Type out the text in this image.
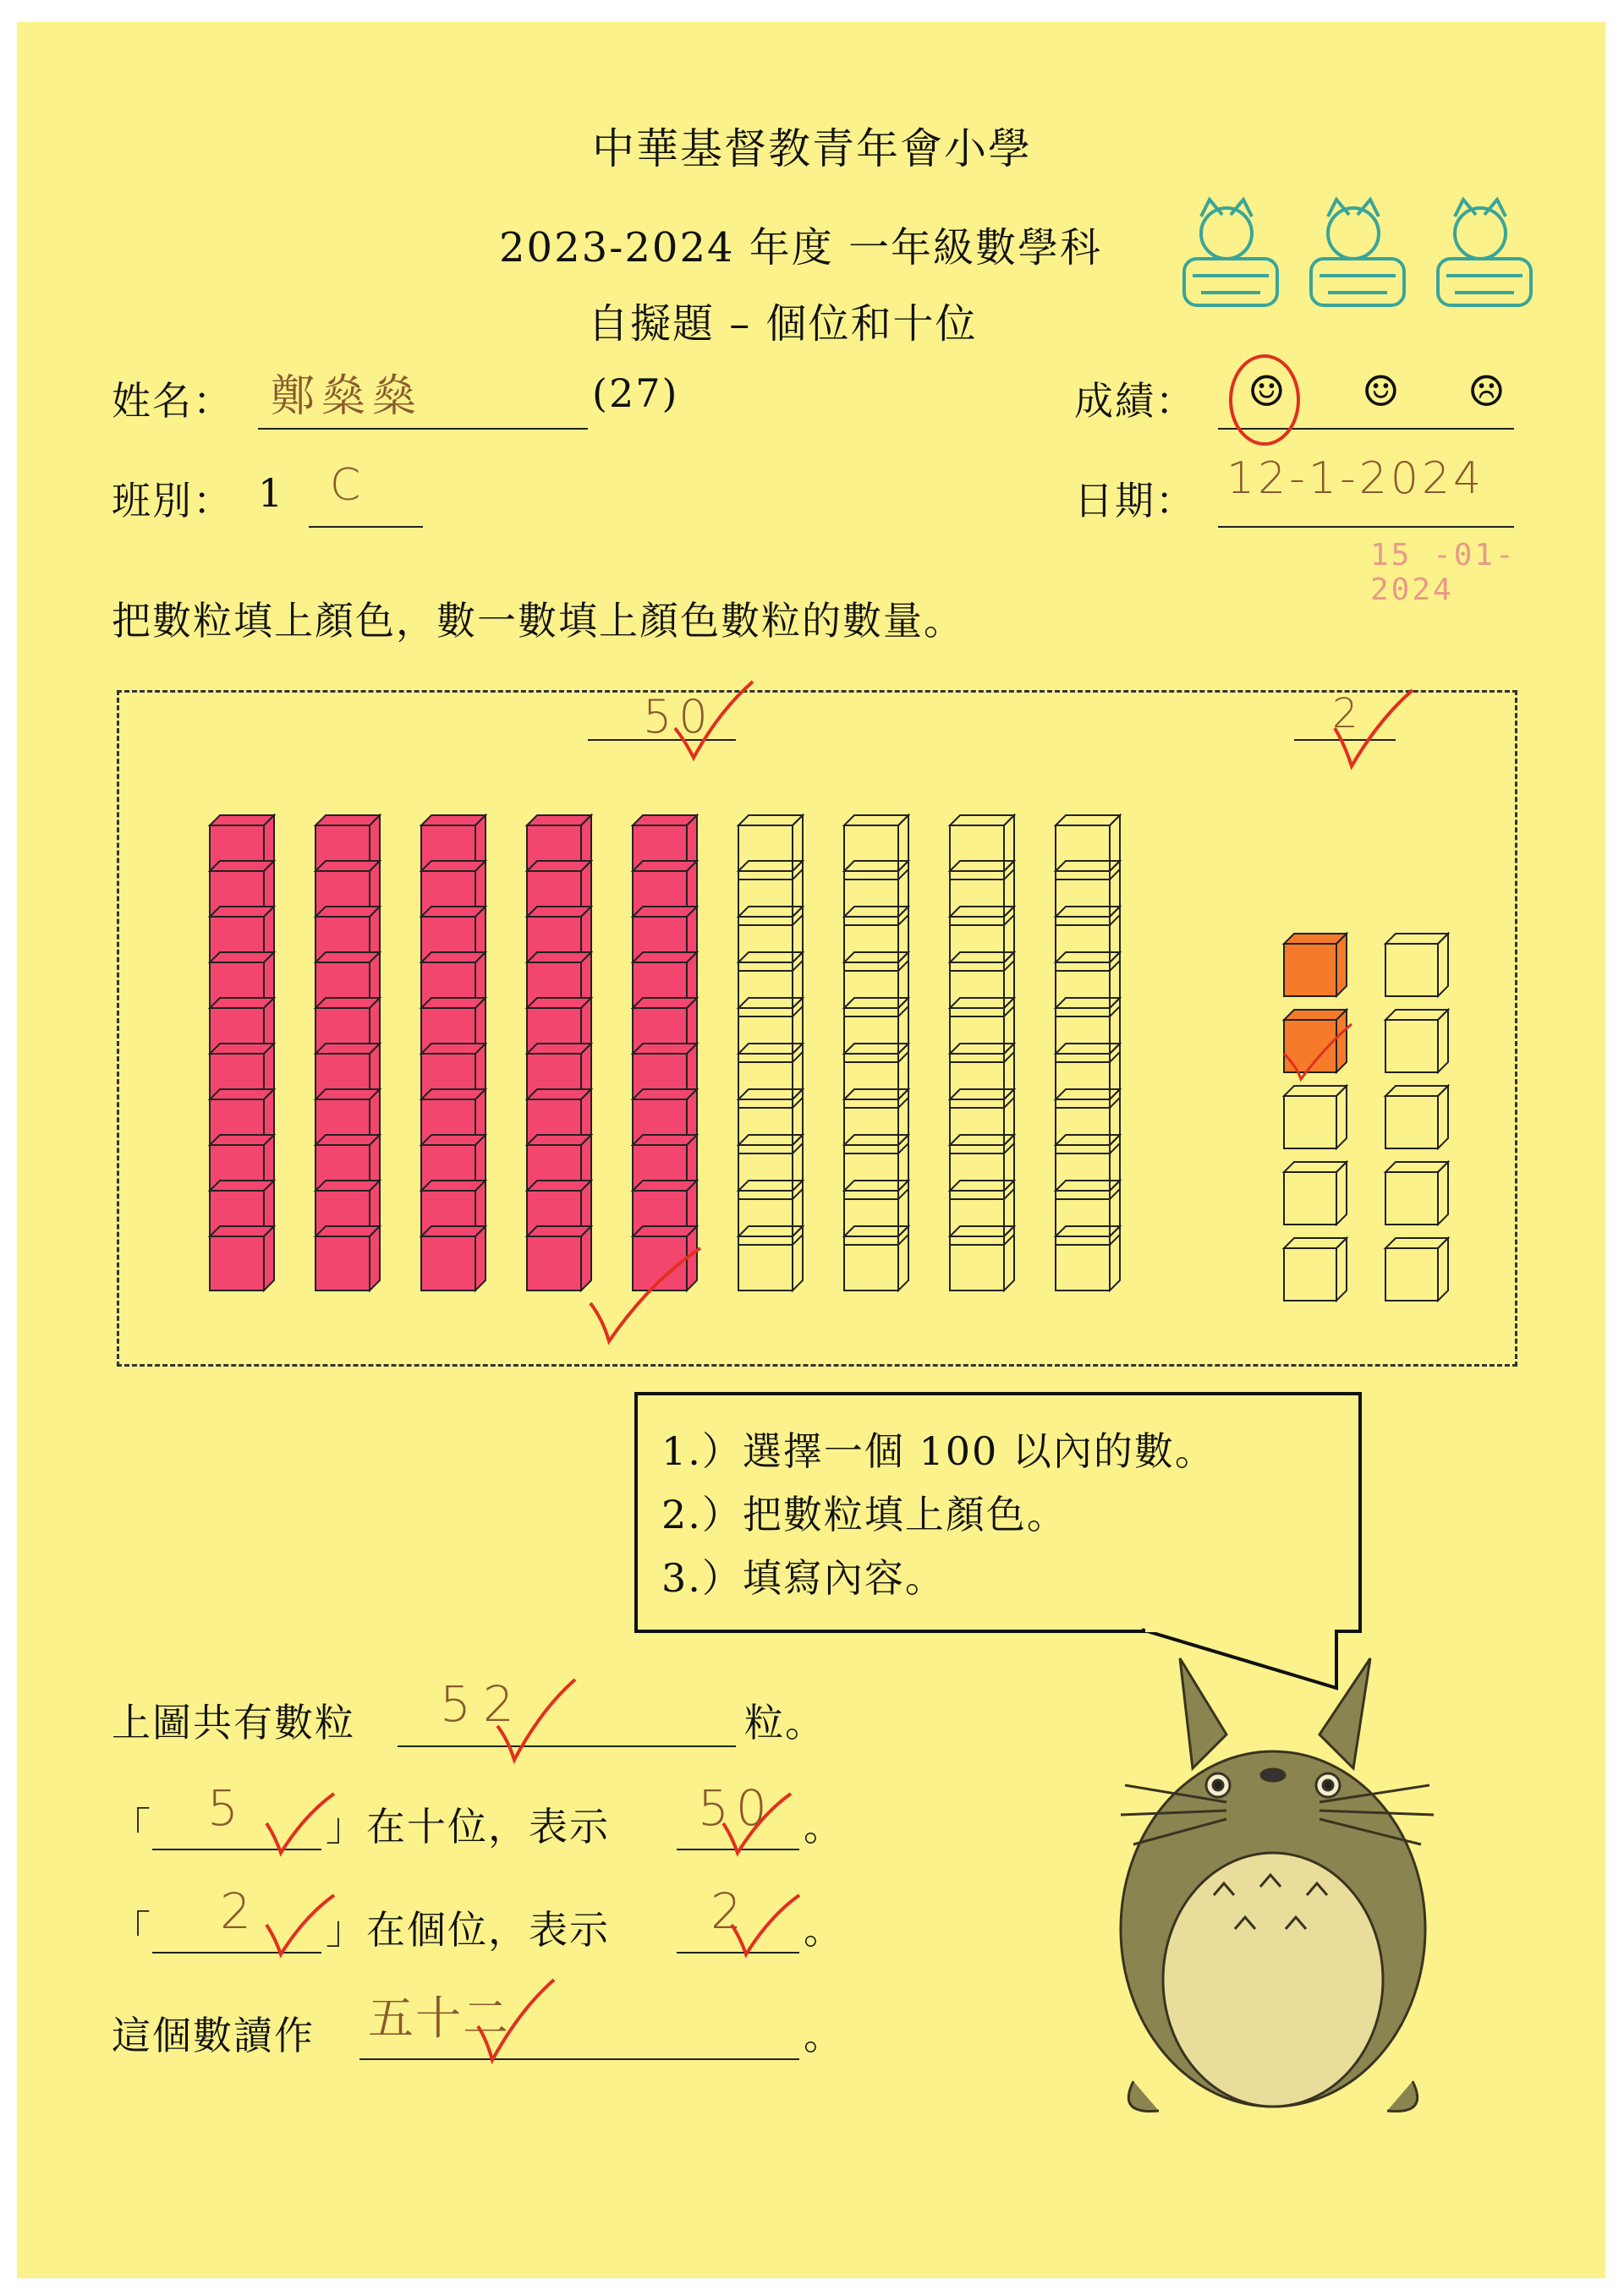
中華基督教青年會小學
2023-2024 年度 一年級數學科
自擬題 – 個位和十位
姓名： 鄭燊燊	(27)	成績： ☺ ☺ ☹
班別： 1 C	日期： 12-1-2024
15 -01- 2024
把數粒填上顏色，數一數填上顏色數粒的數量。
50	2
1.）選擇一個 100 以內的數。
2.）把數粒填上顏色。
3.）填寫內容。
上圖共有數粒 52	粒。
「 5 」在十位，表示 50 。
「 2 」在個位，表示 2 。
這個數讀作 五十二	。
